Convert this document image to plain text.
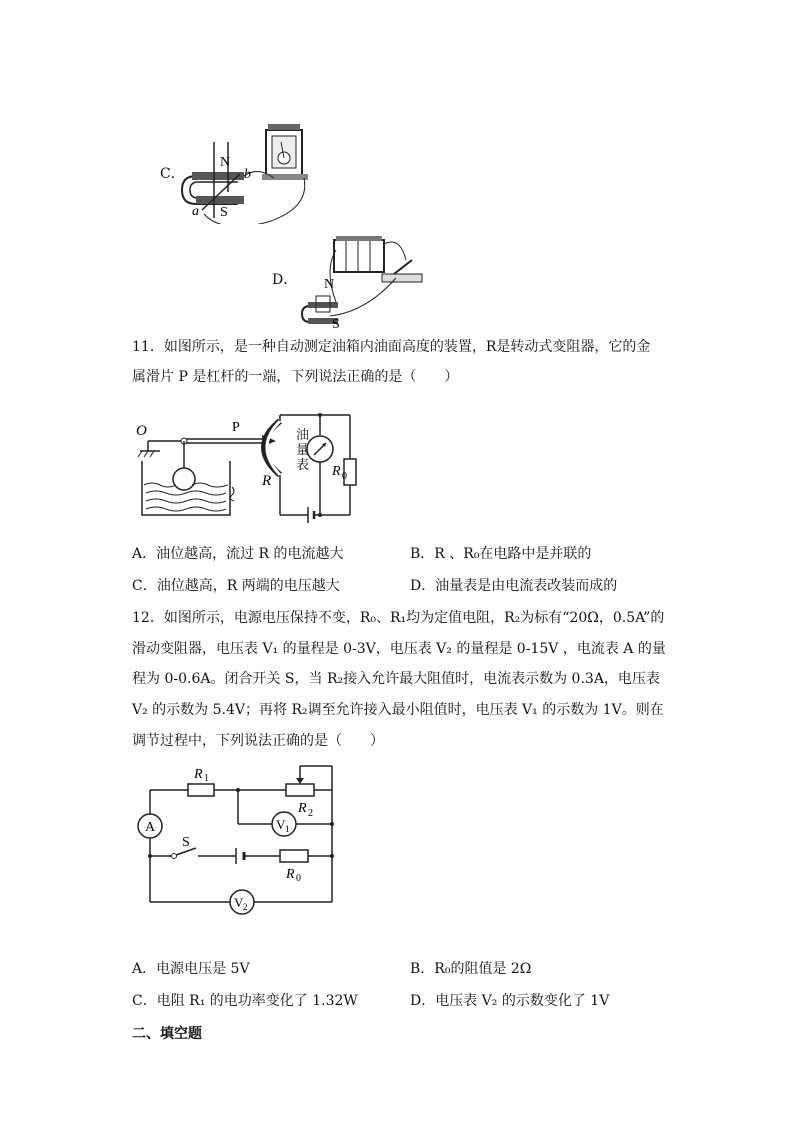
C．
N
b
a S
D． N
S
11．如图所示，是一种自动测定油箱内油面高度的装置，R是转动式变阻器，它的金
属滑片 P 是杠杆的一端，下列说法正确的是（　　）
O	P
R
R 0
油量表
A．油位越高，流过 R 的电流越大	B．R 、R₀在电路中是并联的
C．油位越高，R 两端的电压越大	D．油量表是由电流表改装而成的
12．如图所示，电源电压保持不变，R₀、R₁均为定值电阻，R₂为标有“20Ω，0.5A”的
滑动变阻器，电压表 V₁ 的量程是 0-3V，电压表 V₂ 的量程是 0-15V ，电流表 A 的量
程为 0-0.6A。闭合开关 S，当 R₂接入允许最大阻值时，电流表示数为 0.3A，电压表
V₂ 的示数为 5.4V；再将 R₂调至允许接入最小阻值时，电压表 V₁ 的示数为 1V。则在
调节过程中，下列说法正确的是（　　）
R 1
R 2
R 0
A
S
V 1
V 2
A．电源电压是 5V	B．R₀的阻值是 2Ω
C．电阻 R₁ 的电功率变化了 1.32W	D．电压表 V₂ 的示数变化了 1V
二、填空题
